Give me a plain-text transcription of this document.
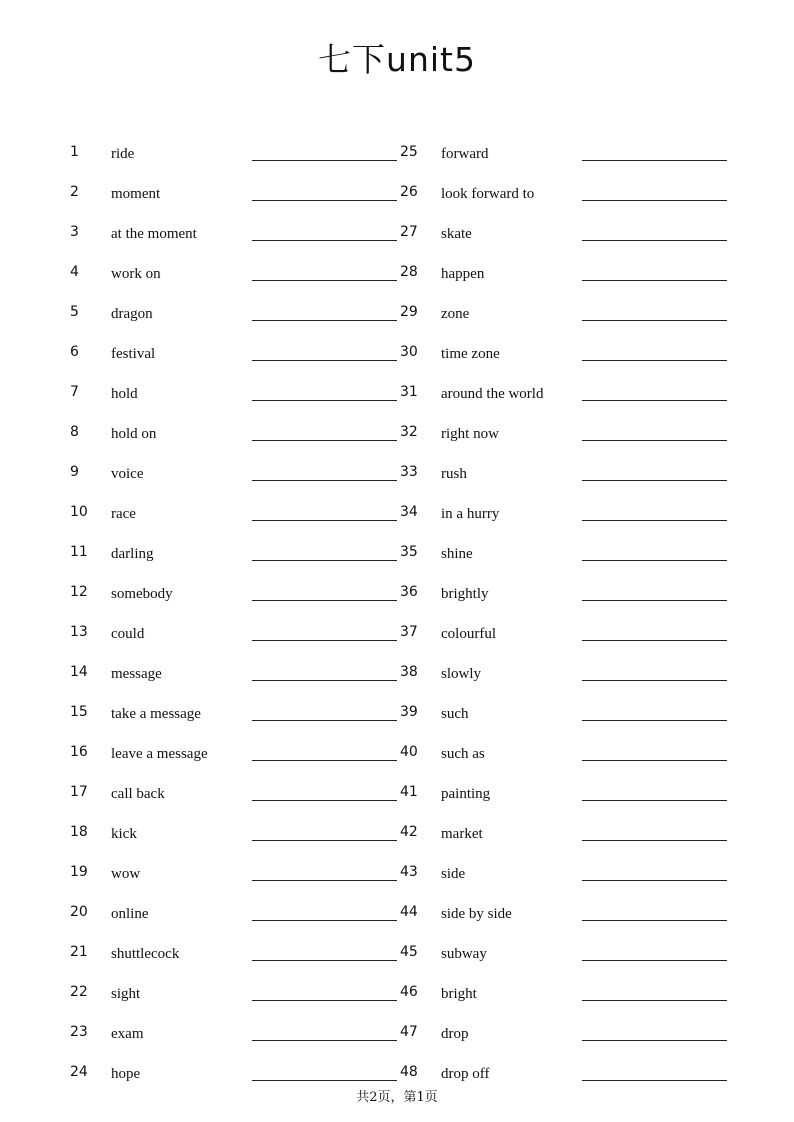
七下unit5
1 ride	25 forward
2 moment	26 look forward to
3 at the moment	27 skate
4 work on	28 happen
5 dragon	29 zone
6 festival	30 time zone
7 hold	31 around the world
8 hold on	32 right now
9 voice	33 rush
10 race	34 in a hurry
11 darling	35 shine
12 somebody	36 brightly
13 could	37 colourful
14 message	38 slowly
15 take a message	39 such
16 leave a message	40 such as
17 call back	41 painting
18 kick	42 market
19 wow	43 side
20 online	44 side by side
21 shuttlecock	45 subway
22 sight	46 bright
23 exam	47 drop
24 hope	48 drop off
共2页，第1页
